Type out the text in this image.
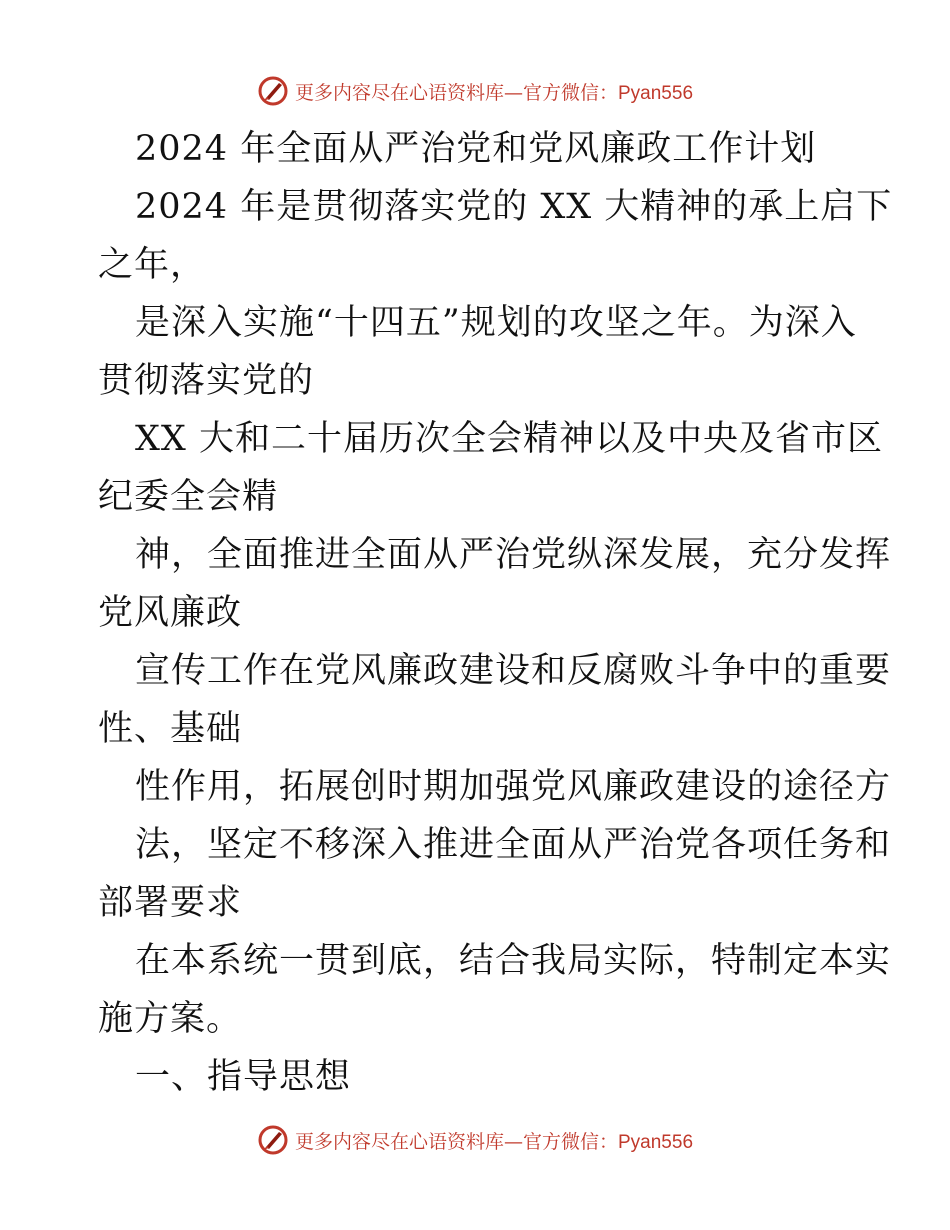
更多内容尽在心语资料库—官方微信：Pyan556
2024 年全面从严治党和党风廉政工作计划
2024 年是贯彻落实党的 XX 大精神的承上启下
之年，
是深入实施“十四五”规划的攻坚之年。为深入
贯彻落实党的
XX 大和二十届历次全会精神以及中央及省市区
纪委全会精
神，全面推进全面从严治党纵深发展，充分发挥
党风廉政
宣传工作在党风廉政建设和反腐败斗争中的重要
性、基础
性作用，拓展创时期加强党风廉政建设的途径方
法，坚定不移深入推进全面从严治党各项任务和
部署要求
在本系统一贯到底，结合我局实际，特制定本实
施方案。
一、指导思想
更多内容尽在心语资料库—官方微信：Pyan556
